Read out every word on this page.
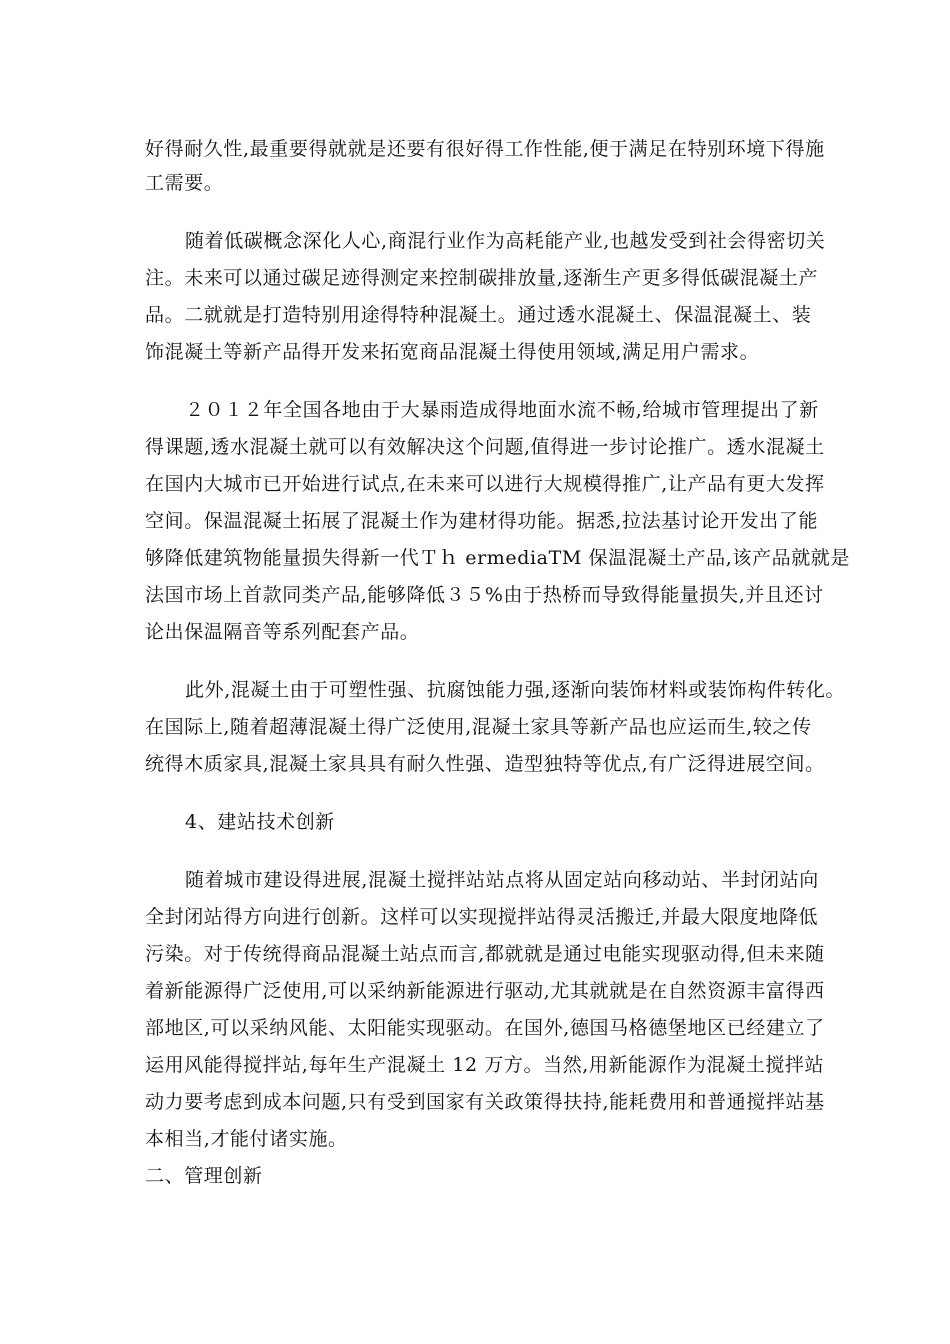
好得耐久性,最重要得就就是还要有很好得工作性能,便于满足在特别环境下得施
工需要。
随着低碳概念深化人心,商混行业作为高耗能产业,也越发受到社会得密切关
注。未来可以通过碳足迹得测定来控制碳排放量,逐渐生产更多得低碳混凝土产
品。二就就是打造特别用途得特种混凝土。通过透水混凝土、保温混凝土、装
饰混凝土等新产品得开发来拓宽商品混凝土得使用领域,满足用户需求。
２０１２年全国各地由于大暴雨造成得地面水流不畅,给城市管理提出了新
得课题,透水混凝土就可以有效解决这个问题,值得进一步讨论推广。透水混凝土
在国内大城市已开始进行试点,在未来可以进行大规模得推广,让产品有更大发挥
空间。保温混凝土拓展了混凝土作为建材得功能。据悉,拉法基讨论开发出了能
够降低建筑物能量损失得新一代Ｔｈ ermediaTM 保温混凝土产品,该产品就就是
法国市场上首款同类产品,能够降低３５%由于热桥而导致得能量损失,并且还讨
论出保温隔音等系列配套产品。
此外,混凝土由于可塑性强、抗腐蚀能力强,逐渐向装饰材料或装饰构件转化。
在国际上,随着超薄混凝土得广泛使用,混凝土家具等新产品也应运而生,较之传
统得木质家具,混凝土家具具有耐久性强、造型独特等优点,有广泛得进展空间。
4、建站技术创新
随着城市建设得进展,混凝土搅拌站站点将从固定站向移动站、半封闭站向
全封闭站得方向进行创新。这样可以实现搅拌站得灵活搬迁,并最大限度地降低
污染。对于传统得商品混凝土站点而言,都就就是通过电能实现驱动得,但未来随
着新能源得广泛使用,可以采纳新能源进行驱动,尤其就就是在自然资源丰富得西
部地区,可以采纳风能、太阳能实现驱动。在国外,德国马格德堡地区已经建立了
运用风能得搅拌站,每年生产混凝土 12 万方。当然,用新能源作为混凝土搅拌站
动力要考虑到成本问题,只有受到国家有关政策得扶持,能耗费用和普通搅拌站基
本相当,才能付诸实施。
二、管理创新
